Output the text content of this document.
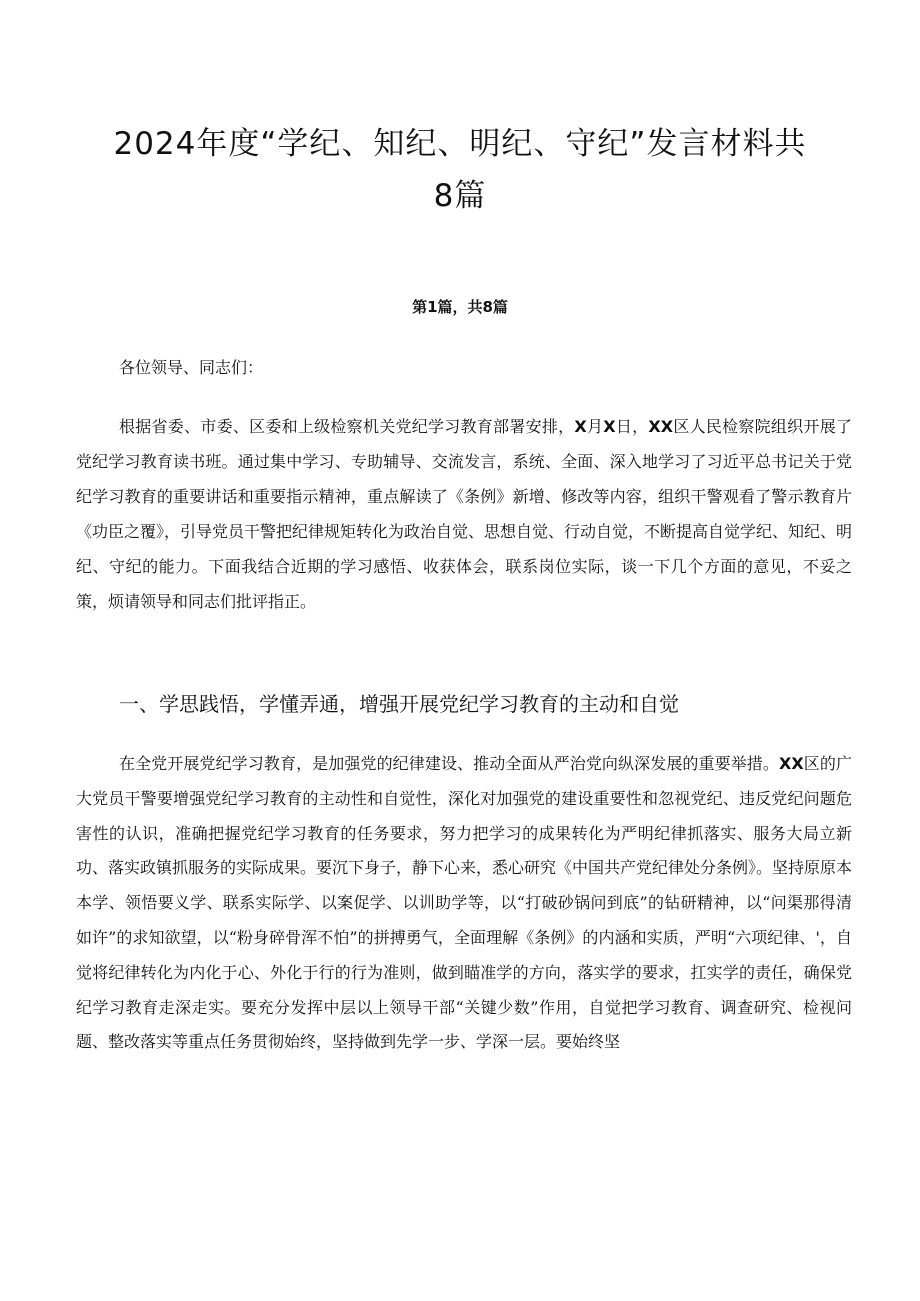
2024年度“学纪、知纪、明纪、守纪”发言材料共
8篇
第1篇，共8篇
各位领导、同志们：

根据省委、市委、区委和上级检察机关党纪学习教育部署安排，X月X日，XX区人民检察院组织开展了党纪学习教育读书班。通过集中学习、专助辅导、交流发言，系统、全面、深入地学习了习近平总书记关于党纪学习教育的重要讲话和重要指示精神，重点解读了《条例》新增、修改等内容，组织干警观看了警示教育片《功臣之覆》，引导党员干警把纪律规矩转化为政治自觉、思想自觉、行动自觉，不断提高自觉学纪、知纪、明纪、守纪的能力。下面我结合近期的学习感悟、收获体会，联系岗位实际，谈一下几个方面的意见，不妥之策，烦请领导和同志们批评指正。

一、学思践悟，学懂弄通，增强开展党纪学习教育的主动和自觉

在全党开展党纪学习教育，是加强党的纪律建设、推动全面从严治党向纵深发展的重要举措。XX区的广大党员干警要增强党纪学习教育的主动性和自觉性，深化对加强党的建设重要性和忽视党纪、违反党纪问题危害性的认识，准确把握党纪学习教育的任务要求，努力把学习的成果转化为严明纪律抓落实、服务大局立新功、落实政镇抓服务的实际成果。要沉下身子，静下心来，悉心研究《中国共产党纪律处分条例》。坚持原原本本学、领悟要义学、联系实际学、以案促学、以训助学等，以“打破砂锅问到底”的钻研精神，以“问渠那得清如许”的求知欲望，以“粉身碎骨浑不怕”的拼搏勇气，全面理解《条例》的内涵和实质，严明“六项纪律、'，自觉将纪律转化为内化于心、外化于行的行为准则，做到瞄准学的方向，落实学的要求，扛实学的责任，确保党纪学习教育走深走实。要充分发挥中层以上领导干部“关键少数”作用，自觉把学习教育、调查研究、检视问题、整改落实等重点任务贯彻始终，坚持做到先学一步、学深一层。要始终坚
